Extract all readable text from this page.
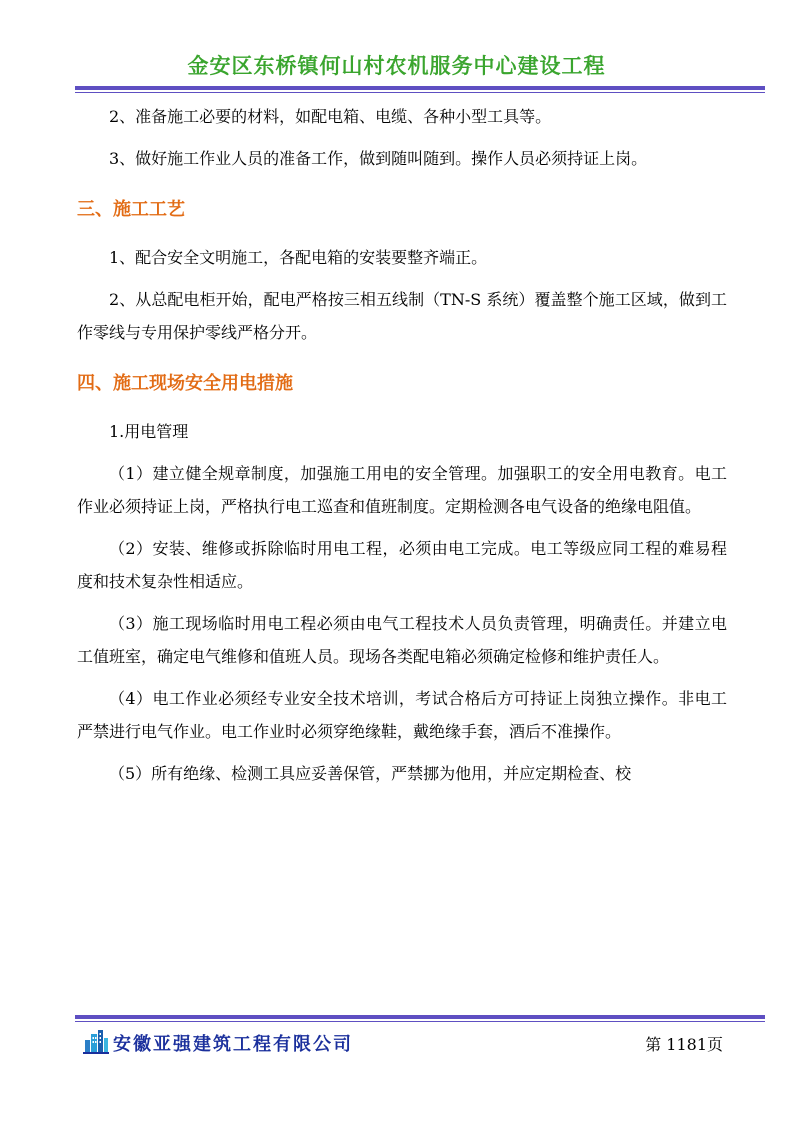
金安区东桥镇何山村农机服务中心建设工程

2、准备施工必要的材料，如配电箱、电缆、各种小型工具等。

3、做好施工作业人员的准备工作，做到随叫随到。操作人员必须持证上岗。

三、施工工艺

1、配合安全文明施工，各配电箱的安装要整齐端正。

2、从总配电柜开始，配电严格按三相五线制（TN-S 系统）覆盖整个施工区域，做到工作零线与专用保护零线严格分开。

四、施工现场安全用电措施

1.用电管理

（1）建立健全规章制度，加强施工用电的安全管理。加强职工的安全用电教育。电工作业必须持证上岗，严格执行电工巡查和值班制度。定期检测各电气设备的绝缘电阻值。

（2）安装、维修或拆除临时用电工程，必须由电工完成。电工等级应同工程的难易程度和技术复杂性相适应。

（3）施工现场临时用电工程必须由电气工程技术人员负责管理，明确责任。并建立电工值班室，确定电气维修和值班人员。现场各类配电箱必须确定检修和维护责任人。

（4）电工作业必须经专业安全技术培训，考试合格后方可持证上岗独立操作。非电工严禁进行电气作业。电工作业时必须穿绝缘鞋，戴绝缘手套，酒后不准操作。

（5）所有绝缘、检测工具应妥善保管，严禁挪为他用，并应定期检查、校

安徽亚强建筑工程有限公司	第 1181页
